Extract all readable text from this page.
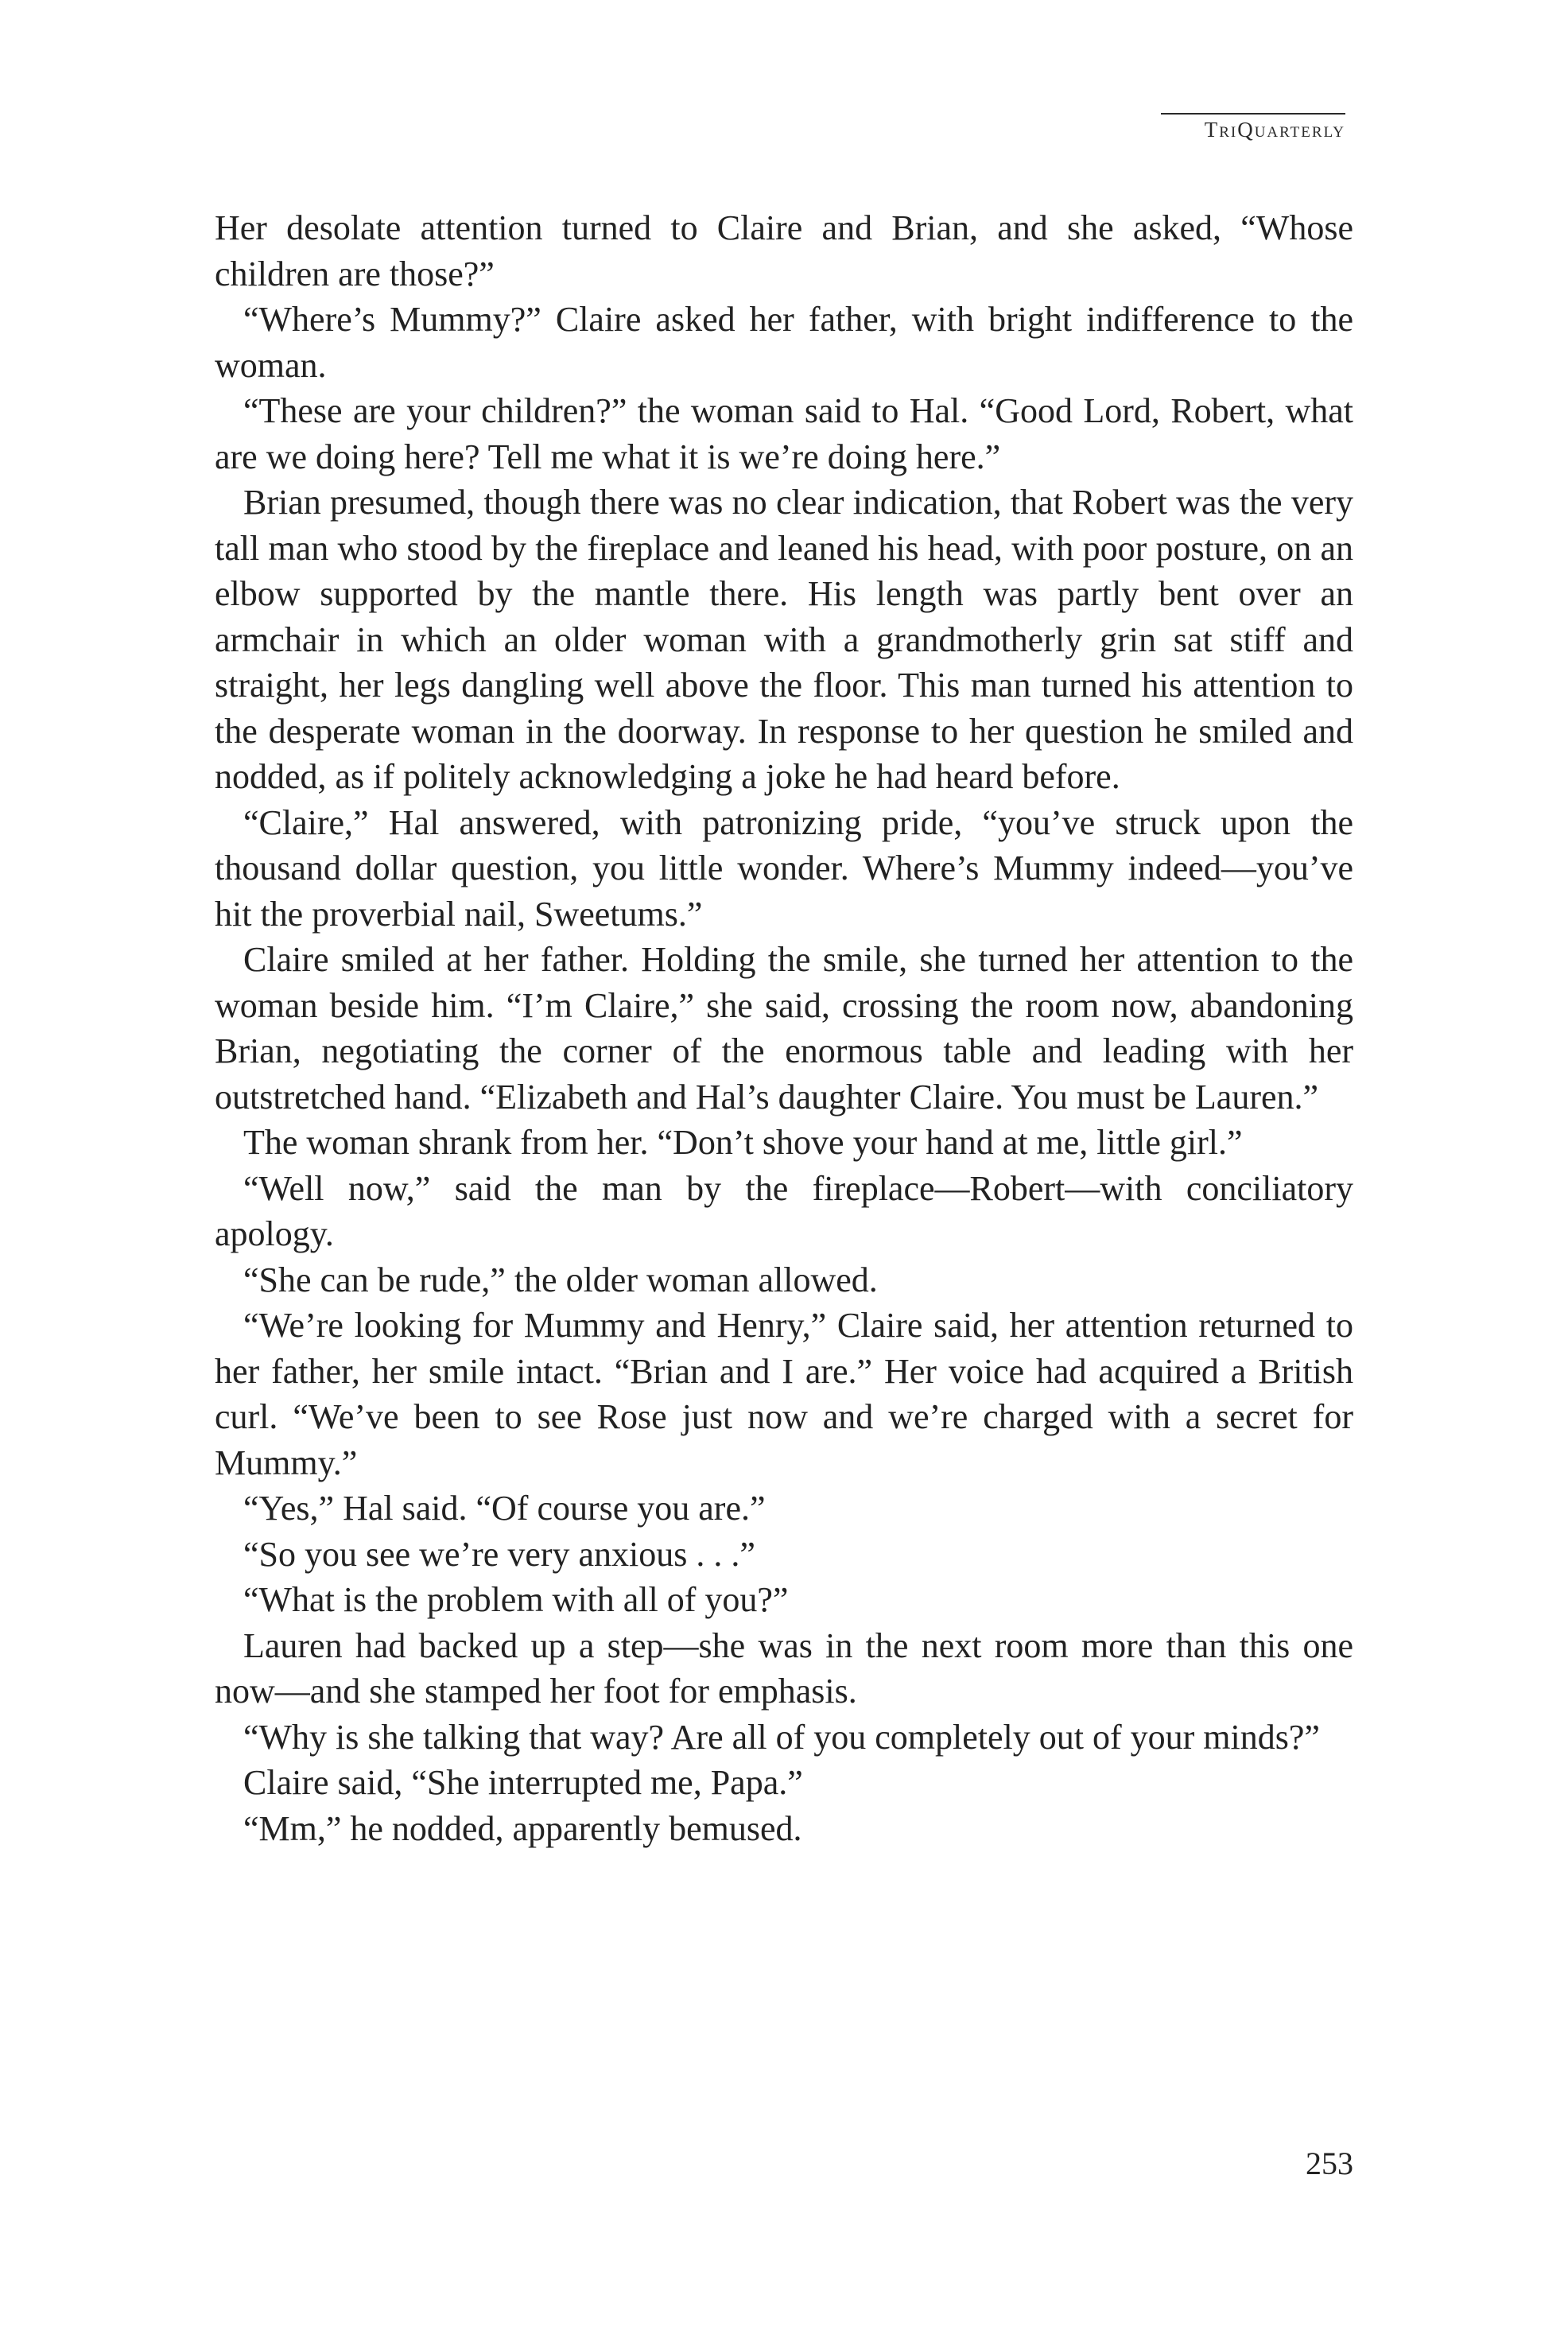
TriQuarterly

Her desolate attention turned to Claire and Brian, and she asked, “Whose children are those?”

“Where’s Mummy?” Claire asked her father, with bright indifference to the woman.

“These are your children?” the woman said to Hal. “Good Lord, Robert, what are we doing here? Tell me what it is we’re doing here.”

Brian presumed, though there was no clear indication, that Robert was the very tall man who stood by the fireplace and leaned his head, with poor posture, on an elbow supported by the mantle there. His length was partly bent over an armchair in which an older woman with a grandmotherly grin sat stiff and straight, her legs dangling well above the floor. This man turned his attention to the desperate woman in the doorway. In response to her question he smiled and nodded, as if politely acknowledging a joke he had heard before.

“Claire,” Hal answered, with patronizing pride, “you’ve struck upon the thousand dollar question, you little wonder. Where’s Mummy indeed—you’ve hit the proverbial nail, Sweetums.”

Claire smiled at her father. Holding the smile, she turned her attention to the woman beside him. “I’m Claire,” she said, crossing the room now, abandoning Brian, negotiating the corner of the enormous table and leading with her outstretched hand. “Elizabeth and Hal’s daughter Claire. You must be Lauren.”

The woman shrank from her. “Don’t shove your hand at me, little girl.”

“Well now,” said the man by the fireplace—Robert—with conciliatory apology.

“She can be rude,” the older woman allowed.

“We’re looking for Mummy and Henry,” Claire said, her attention returned to her father, her smile intact. “Brian and I are.” Her voice had acquired a British curl. “We’ve been to see Rose just now and we’re charged with a secret for Mummy.”

“Yes,” Hal said. “Of course you are.”

“So you see we’re very anxious . . .”

“What is the problem with all of you?”

Lauren had backed up a step—she was in the next room more than this one now—and she stamped her foot for emphasis.

“Why is she talking that way? Are all of you completely out of your minds?”

Claire said, “She interrupted me, Papa.”

“Mm,” he nodded, apparently bemused.

253
